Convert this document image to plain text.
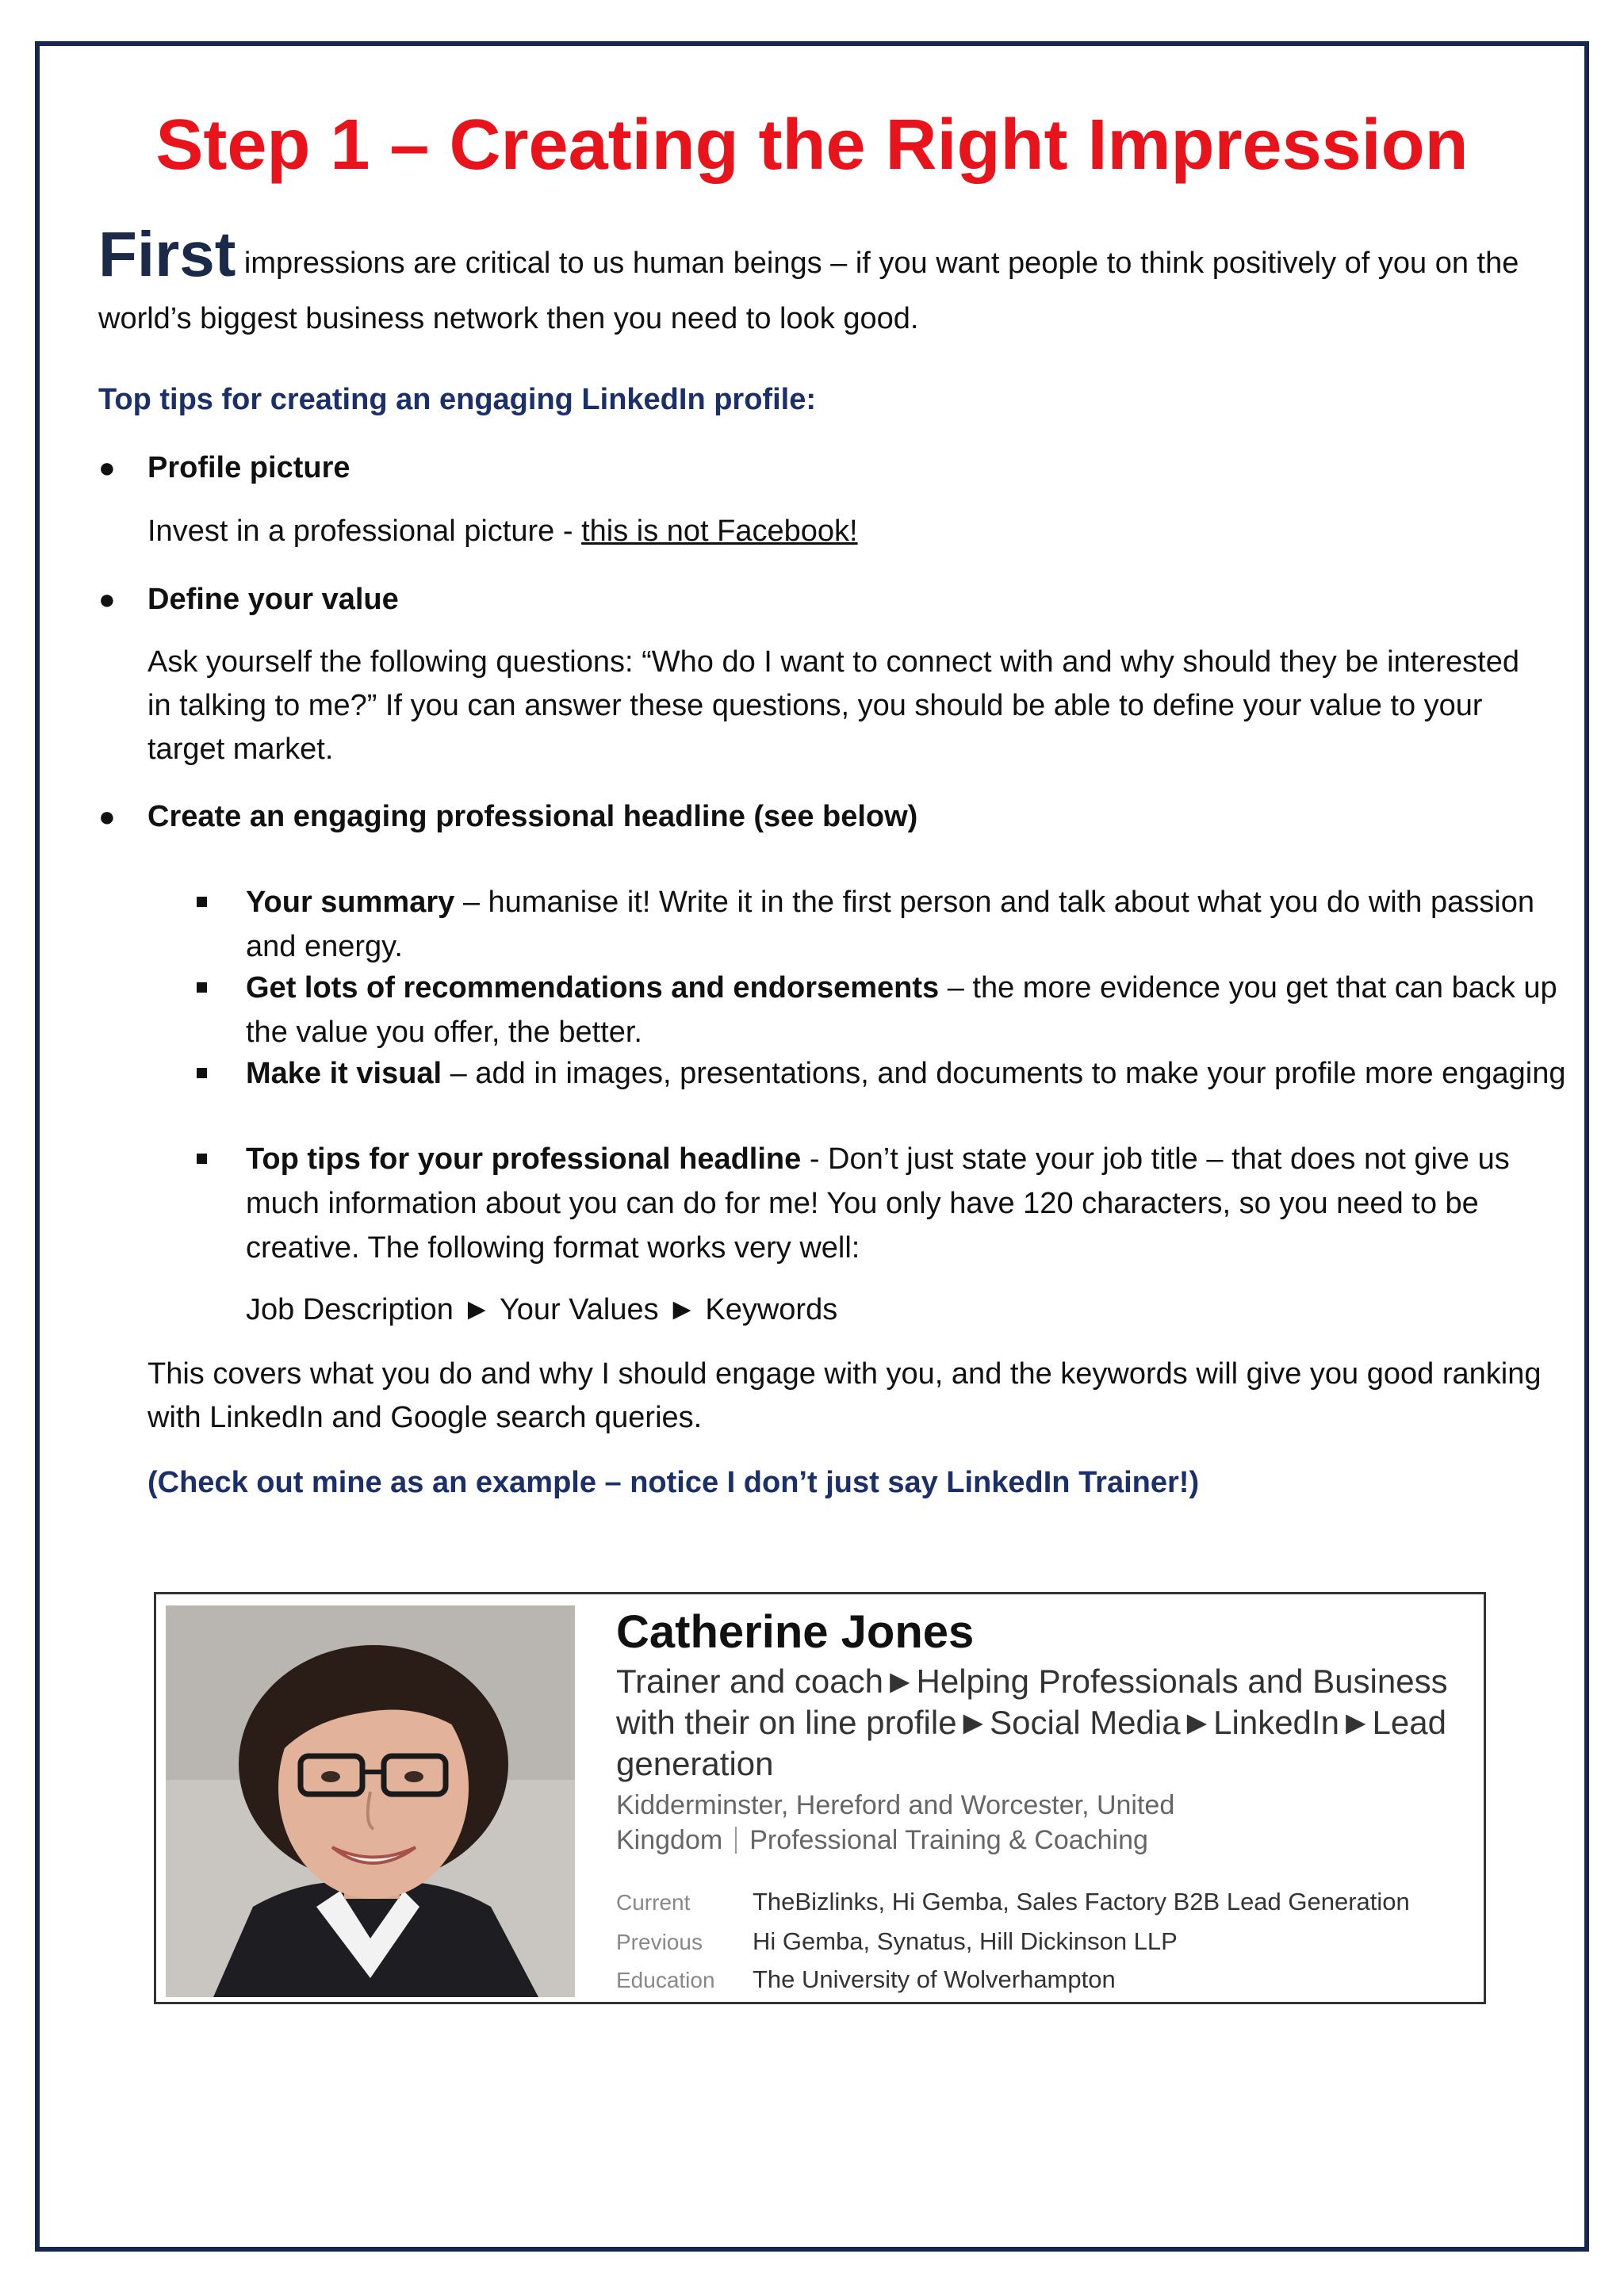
Step 1 – Creating the Right Impression
First impressions are critical to us human beings – if you want people to think positively of you on the world’s biggest business network then you need to look good.
Top tips for creating an engaging LinkedIn profile:
●	Profile picture
Invest in a professional picture - this is not Facebook!
●	Define your value
Ask yourself the following questions: “Who do I want to connect with and why should they be interested in talking to me?” If you can answer these questions, you should be able to define your value to your target market.
●	Create an engaging professional headline (see below)
Your summary – humanise it! Write it in the first person and talk about what you do with passion and energy.
Get lots of recommendations and endorsements – the more evidence you get that can back up the value you offer, the better.
Make it visual – add in images, presentations, and documents to make your profile more engaging
Top tips for your professional headline - Don’t just state your job title – that does not give us much information about you can do for me! You only have 120 characters, so you need to be creative. The following format works very well:
Job Description ► Your Values ► Keywords
This covers what you do and why I should engage with you, and the keywords will give you good ranking with LinkedIn and Google search queries.
(Check out mine as an example – notice I don’t just say LinkedIn Trainer!)
Catherine Jones
Trainer and coach►Helping Professionals and Business with their on line profile►Social Media►LinkedIn►Lead generation
Kidderminster, Hereford and Worcester, United Kingdom Professional Training & Coaching
Current	TheBizlinks, Hi Gemba, Sales Factory B2B Lead Generation
Previous Hi Gemba, Synatus, Hill Dickinson LLP
Education The University of Wolverhampton
